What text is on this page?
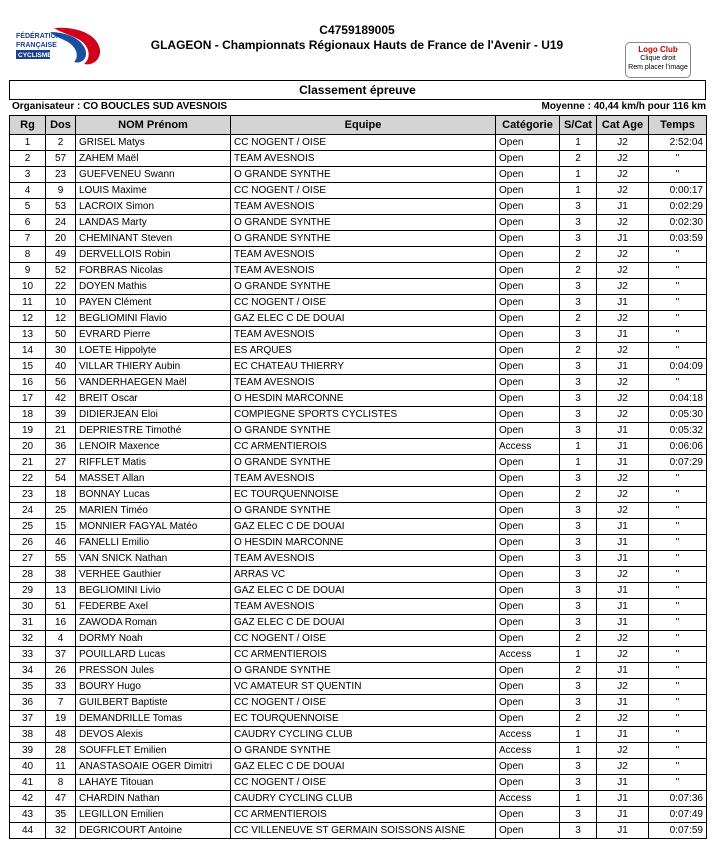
FÉDÉRATION
FRANÇAISE
CYCLISME
C4759189005
GLAGEON - Championnats Régionaux Hauts de France de l'Avenir - U19	Logo Club
Clique droit
Rem placer l'image
Classement épreuve
Organisateur : CO BOUCLES SUD AVESNOIS	Moyenne : 40,44 km/h pour 116 km
Rg	Dos	NOM Prénom	Equipe	Catégorie	S/Cat	Cat Age	Temps
1	2	GRISEL Matys	CC NOGENT / OISE	Open	1	J2	2:52:04
2	57	ZAHEM Maël	TEAM AVESNOIS	Open	2	J2	"
3	23	GUEFVENEU Swann	O GRANDE SYNTHE	Open	1	J2	"
4	9	LOUIS Maxime	CC NOGENT / OISE	Open	1	J2	0:00:17
5	53	LACROIX Simon	TEAM AVESNOIS	Open	3	J1	0:02:29
6	24	LANDAS Marty	O GRANDE SYNTHE	Open	3	J2	0:02:30
7	20	CHEMINANT Steven	O GRANDE SYNTHE	Open	3	J1	0:03:59
8	49	DERVELLOIS Robin	TEAM AVESNOIS	Open	2	J2	"
9	52	FORBRAS Nicolas	TEAM AVESNOIS	Open	2	J2	"
10	22	DOYEN Mathis	O GRANDE SYNTHE	Open	3	J2	"
11	10	PAYEN Clément	CC NOGENT / OISE	Open	3	J1	"
12	12	BEGLIOMINI Flavio	GAZ ELEC C DE DOUAI	Open	2	J2	"
13	50	EVRARD Pierre	TEAM AVESNOIS	Open	3	J1	"
14	30	LOETE Hippolyte	ES ARQUES	Open	2	J2	"
15	40	VILLAR THIERY Aubin	EC CHATEAU THIERRY	Open	3	J1	0:04:09
16	56	VANDERHAEGEN Maël	TEAM AVESNOIS	Open	3	J2	"
17	42	BREIT Oscar	O HESDIN MARCONNE	Open	3	J2	0:04:18
18	39	DIDIERJEAN Eloi	COMPIEGNE SPORTS CYCLISTES	Open	3	J2	0:05:30
19	21	DEPRIESTRE Timothé	O GRANDE SYNTHE	Open	3	J1	0:05:32
20	36	LENOIR Maxence	CC ARMENTIEROIS	Access	1	J1	0:06:06
21	27	RIFFLET Matis	O GRANDE SYNTHE	Open	1	J1	0:07:29
22	54	MASSET Allan	TEAM AVESNOIS	Open	3	J2	"
23	18	BONNAY Lucas	EC TOURQUENNOISE	Open	2	J2	"
24	25	MARIEN Timéo	O GRANDE SYNTHE	Open	3	J2	"
25	15	MONNIER FAGYAL Matéo	GAZ ELEC C DE DOUAI	Open	3	J1	"
26	46	FANELLI Emilio	O HESDIN MARCONNE	Open	3	J1	"
27	55	VAN SNICK Nathan	TEAM AVESNOIS	Open	3	J1	"
28	38	VERHEE Gauthier	ARRAS VC	Open	3	J2	"
29	13	BEGLIOMINI Livio	GAZ ELEC C DE DOUAI	Open	3	J1	"
30	51	FEDERBE Axel	TEAM AVESNOIS	Open	3	J1	"
31	16	ZAWODA Roman	GAZ ELEC C DE DOUAI	Open	3	J1	"
32	4	DORMY Noah	CC NOGENT / OISE	Open	2	J2	"
33	37	POUILLARD Lucas	CC ARMENTIEROIS	Access	1	J2	"
34	26	PRESSON Jules	O GRANDE SYNTHE	Open	2	J1	"
35	33	BOURY Hugo	VC AMATEUR ST QUENTIN	Open	3	J2	"
36	7	GUILBERT Baptiste	CC NOGENT / OISE	Open	3	J1	"
37	19	DEMANDRILLE Tomas	EC TOURQUENNOISE	Open	2	J2	"
38	48	DEVOS Alexis	CAUDRY CYCLING CLUB	Access	1	J1	"
39	28	SOUFFLET Emilien	O GRANDE SYNTHE	Access	1	J2	"
40	11	ANASTASOAIE OGER Dimitri	GAZ ELEC C DE DOUAI	Open	3	J2	"
41	8	LAHAYE Titouan	CC NOGENT / OISE	Open	3	J1	"
42	47	CHARDIN Nathan	CAUDRY CYCLING CLUB	Access	1	J1	0:07:36
43	35	LEGILLON Emilien	CC ARMENTIEROIS	Open	3	J1	0:07:49
44	32	DEGRICOURT Antoine	CC VILLENEUVE ST GERMAIN SOISSONS AISNE	Open	3	J1	0:07:59
